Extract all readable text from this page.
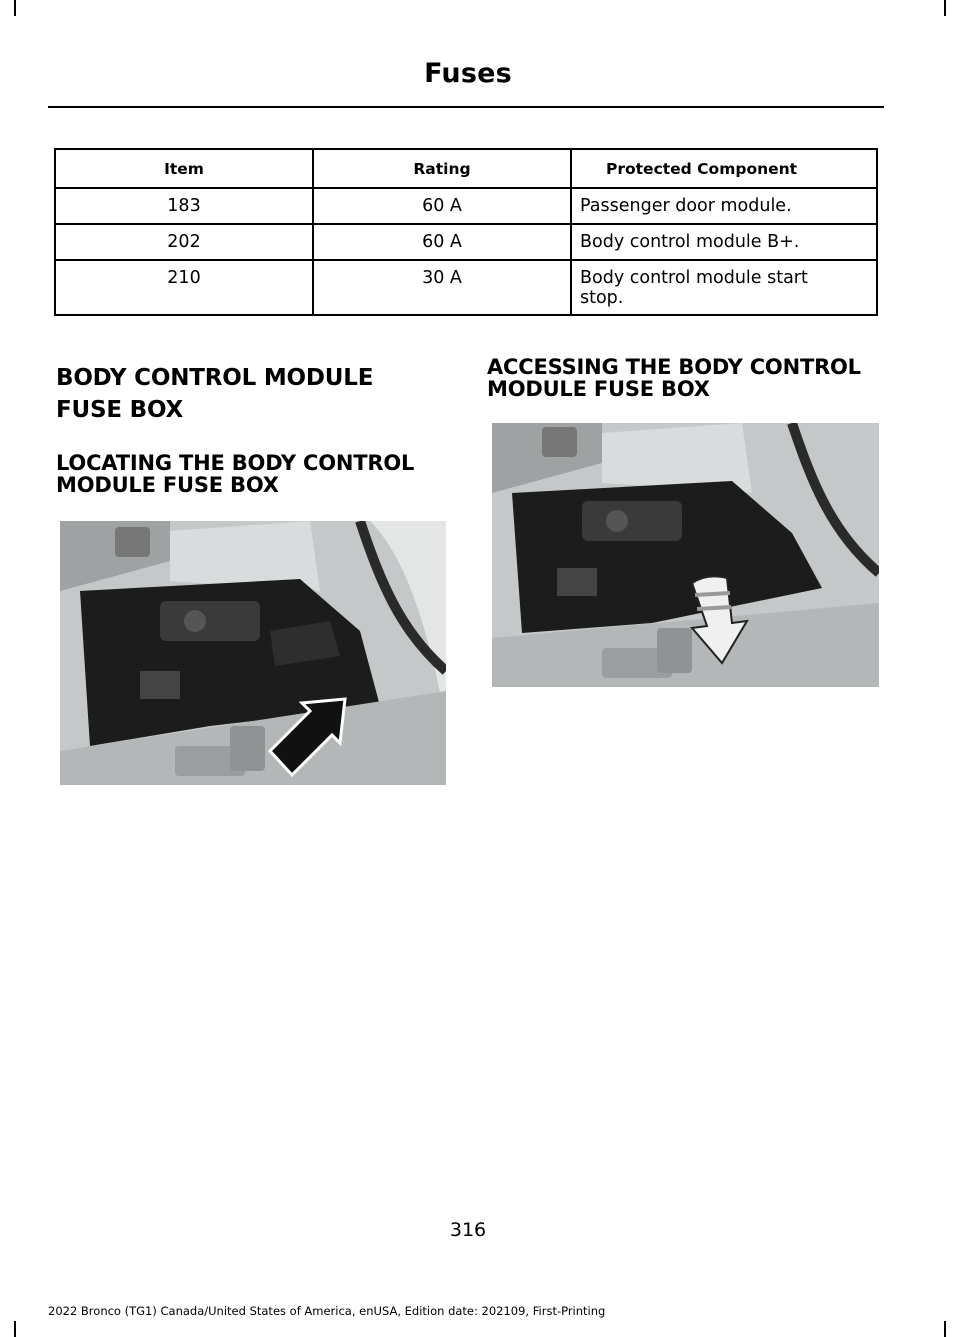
Fuses
Item	Rating	Protected Component
183	60 A	Passenger door module.
202	60 A	Body control module B+.
210	30 A	Body control module start
stop.
BODY CONTROL MODULE
FUSE BOX
LOCATING THE BODY CONTROL
MODULE FUSE BOX
ACCESSING THE BODY CONTROL
MODULE FUSE BOX
316
2022 Bronco (TG1) Canada/United States of America, enUSA, Edition date: 202109, First-Printing
